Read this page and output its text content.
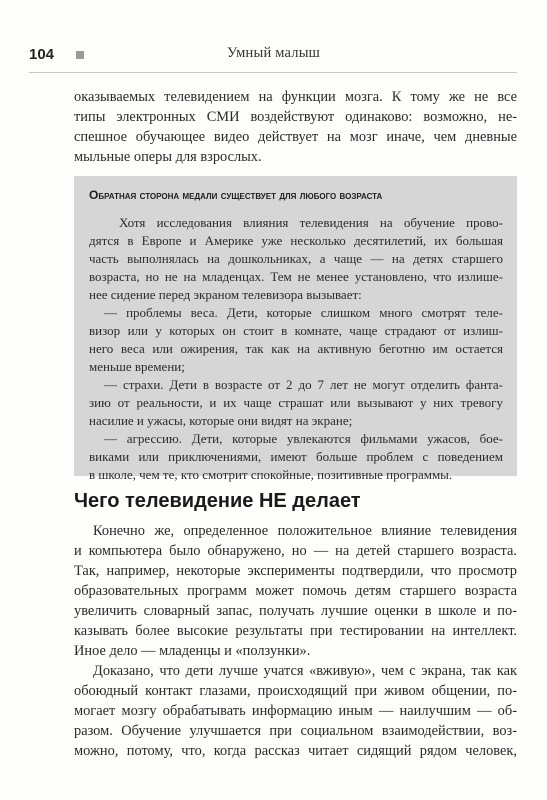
104	Умный малыш
оказываемых телевидением на функции мозга. К тому же не все
типы электронных СМИ воздействуют одинаково: возможно, не-
спешное обучающее видео действует на мозг иначе, чем дневные
мыльные оперы для взрослых.
Обратная сторона медали существует для любого возраста
Хотя исследования влияния телевидения на обучение прово-
дятся в Европе и Америке уже несколько десятилетий, их большая
часть выполнялась на дошкольниках, а чаще — на детях старшего
возраста, но не на младенцах. Тем не менее установлено, что излише-
нее сидение перед экраном телевизора вызывает:
— проблемы веса. Дети, которые слишком много смотрят теле-
визор или у которых он стоит в комнате, чаще страдают от излиш-
него веса или ожирения, так как на активную беготню им остается
меньше времени;
— страхи. Дети в возрасте от 2 до 7 лет не могут отделить фанта-
зию от реальности, и их чаще страшат или вызывают у них тревогу
насилие и ужасы, которые они видят на экране;
— агрессию. Дети, которые увлекаются фильмами ужасов, бое-
виками или приключениями, имеют больше проблем с поведением
в школе, чем те, кто смотрит спокойные, позитивные программы.
Чего телевидение НЕ делает
Конечно же, определенное положительное влияние телевидения
и компьютера было обнаружено, но — на детей старшего возраста.
Так, например, некоторые эксперименты подтвердили, что просмотр
образовательных программ может помочь детям старшего возраста
увеличить словарный запас, получать лучшие оценки в школе и по-
казывать более высокие результаты при тестировании на интеллект.
Иное дело — младенцы и «ползунки».
Доказано, что дети лучше учатся «вживую», чем с экрана, так как
обоюдный контакт глазами, происходящий при живом общении, по-
могает мозгу обрабатывать информацию иным — наилучшим — об-
разом. Обучение улучшается при социальном взаимодействии, воз-
можно, потому, что, когда рассказ читает сидящий рядом человек,
